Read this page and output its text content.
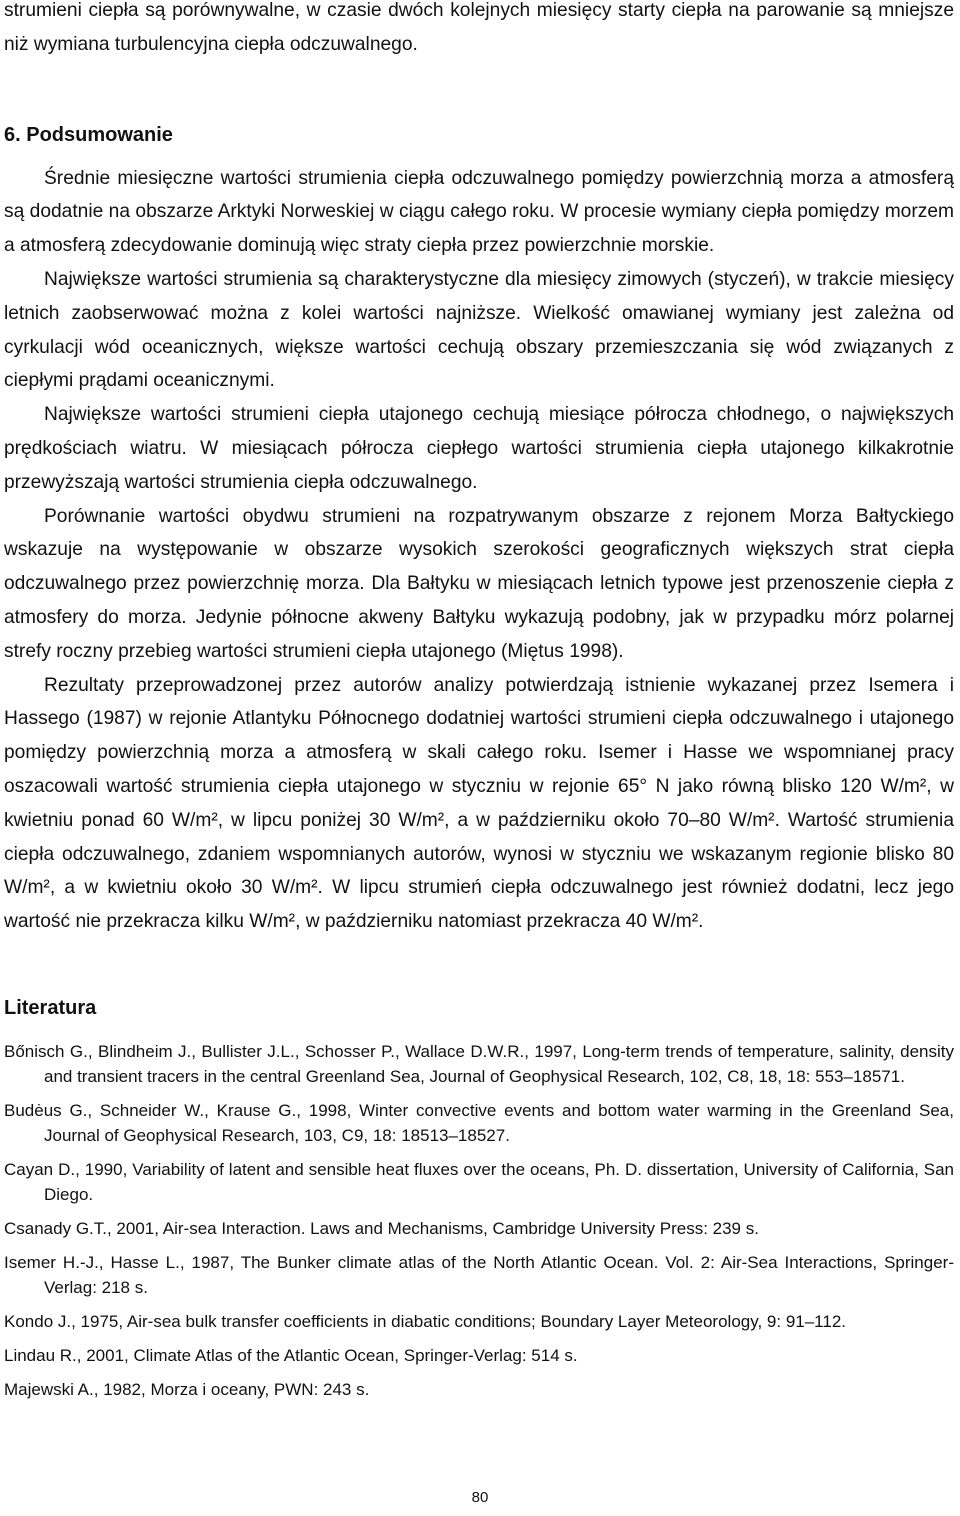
strumieni ciepła są porównywalne, w czasie dwóch kolejnych miesięcy starty ciepła na parowanie są mniejsze niż wymiana turbulencyjna ciepła odczuwalnego.

6. Podsumowanie

Średnie miesięczne wartości strumienia ciepła odczuwalnego pomiędzy powierzchnią morza a atmosferą są dodatnie na obszarze Arktyki Norweskiej w ciągu całego roku. W procesie wymiany ciepła pomiędzy morzem a atmosferą zdecydowanie dominują więc straty ciepła przez powierzchnie morskie.

Największe wartości strumienia są charakterystyczne dla miesięcy zimowych (styczeń), w trakcie miesięcy letnich zaobserwować można z kolei wartości najniższe. Wielkość omawianej wymiany jest zależna od cyrkulacji wód oceanicznych, większe wartości cechują obszary przemieszczania się wód związanych z ciepłymi prądami oceanicznymi.

Największe wartości strumieni ciepła utajonego cechują miesiące półrocza chłodnego, o największych prędkościach wiatru. W miesiącach półrocza ciepłego wartości strumienia ciepła utajonego kilkakrotnie przewyższają wartości strumienia ciepła odczuwalnego.

Porównanie wartości obydwu strumieni na rozpatrywanym obszarze z rejonem Morza Bałtyckiego wskazuje na występowanie w obszarze wysokich szerokości geograficznych większych strat ciepła odczuwalnego przez powierzchnię morza. Dla Bałtyku w miesiącach letnich typowe jest przenoszenie ciepła z atmosfery do morza. Jedynie północne akweny Bałtyku wykazują podobny, jak w przypadku mórz polarnej strefy roczny przebieg wartości strumieni ciepła utajonego (Miętus 1998).

Rezultaty przeprowadzonej przez autorów analizy potwierdzają istnienie wykazanej przez Isemera i Hassego (1987) w rejonie Atlantyku Północnego dodatniej wartości strumieni ciepła odczuwalnego i utajonego pomiędzy powierzchnią morza a atmosferą w skali całego roku. Isemer i Hasse we wspomnianej pracy oszacowali wartość strumienia ciepła utajonego w styczniu w rejonie 65° N jako równą blisko 120 W/m², w kwietniu ponad 60 W/m², w lipcu poniżej 30 W/m², a w październiku około 70–80 W/m². Wartość strumienia ciepła odczuwalnego, zdaniem wspomnianych autorów, wynosi w styczniu we wskazanym regionie blisko 80 W/m², a w kwietniu około 30 W/m². W lipcu strumień ciepła odczuwalnego jest również dodatni, lecz jego wartość nie przekracza kilku W/m², w październiku natomiast przekracza 40 W/m².

Literatura
Bőnisch G., Blindheim J., Bullister J.L., Schosser P., Wallace D.W.R., 1997, Long-term trends of temperature, salinity, density and transient tracers in the central Greenland Sea, Journal of Geophysical Research, 102, C8, 18, 18: 553–18571.
Budėus G., Schneider W., Krause G., 1998, Winter convective events and bottom water warming in the Greenland Sea, Journal of Geophysical Research, 103, C9, 18: 18513–18527.
Cayan D., 1990, Variability of latent and sensible heat fluxes over the oceans, Ph. D. dissertation, University of California, San Diego.
Csanady G.T., 2001, Air-sea Interaction. Laws and Mechanisms, Cambridge University Press: 239 s.
Isemer H.-J., Hasse L., 1987, The Bunker climate atlas of the North Atlantic Ocean. Vol. 2: Air-Sea Interactions, Springer-Verlag: 218 s.
Kondo J., 1975, Air-sea bulk transfer coefficients in diabatic conditions; Boundary Layer Meteorology, 9: 91–112.
Lindau R., 2001, Climate Atlas of the Atlantic Ocean, Springer-Verlag: 514 s.
Majewski A., 1982, Morza i oceany, PWN: 243 s.
80
